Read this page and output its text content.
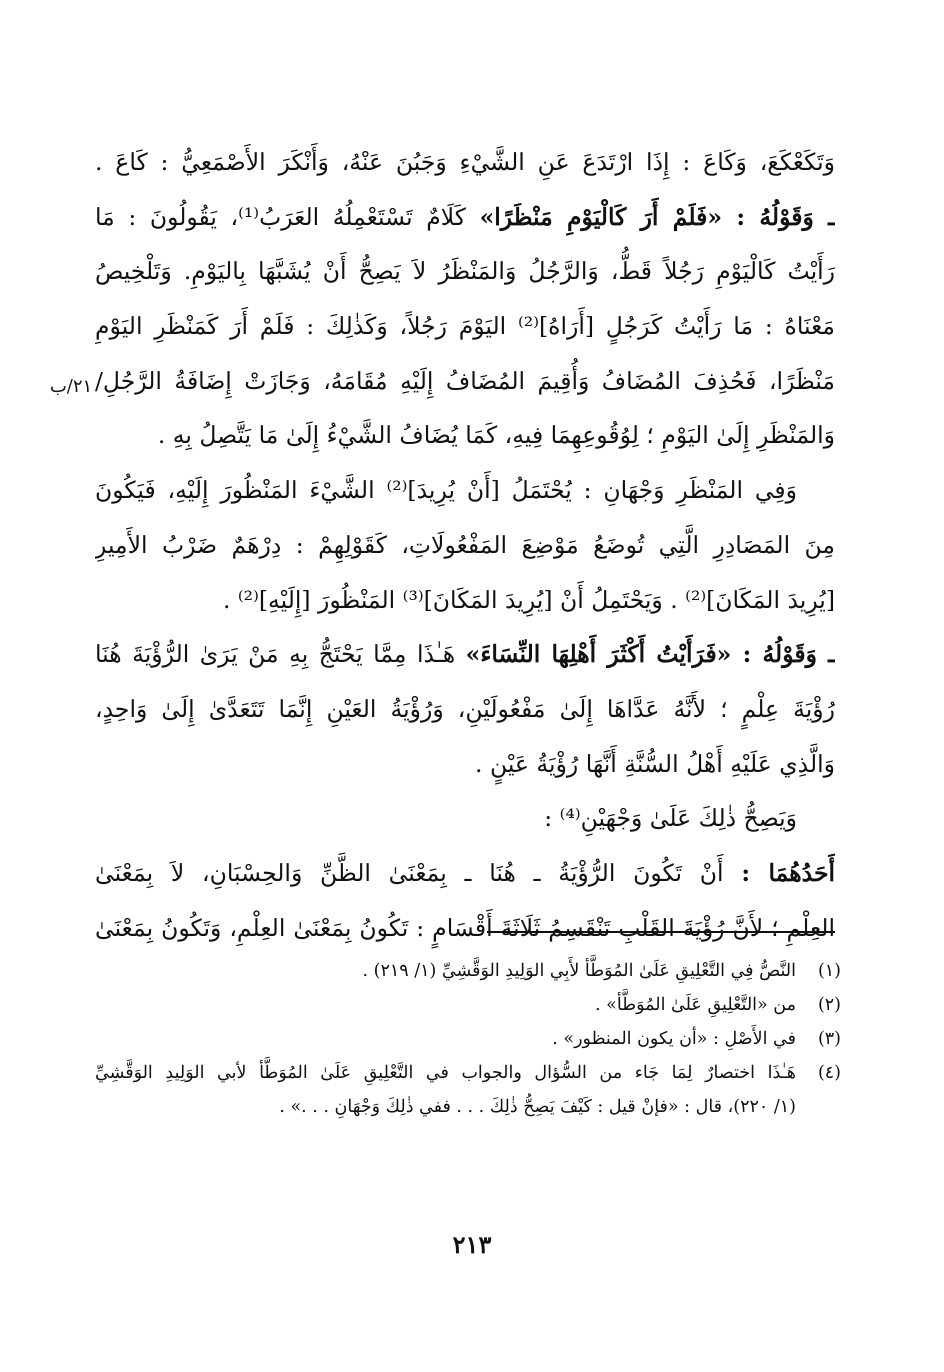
وَتَكَعْكَعَ، وَكَاعَ : إِذَا ارْتَدَعَ عَنِ الشَّيْءِ وَجَبُنَ عَنْهُ، وَأَنْكَرَ الأَصْمَعِيُّ : كَاعَ .
ـ وَقَوْلُهُ : «فَلَمْ أَرَ كَالْيَوْمِ مَنْظَرًا» كَلَامٌ تَسْتَعْمِلُهُ العَرَبُ⁽¹⁾، يَقُولُونَ : مَا
رَأَيْتُ كَالْيَوْمِ رَجُلاً قَطُّ، وَالرَّجُلُ وَالمَنْظَرُ لاَ يَصِحُّ أَنْ يُشَبَّهَا بِاليَوْمِ. وَتَلْخِيصُ
مَعْنَاهُ : مَا رَأَيْتُ كَرَجُلٍ [أَرَاهُ]⁽²⁾ اليَوْمَ رَجُلاً، وَكَذٰلِكَ : فَلَمْ أَرَ كَمَنْظَرِ اليَوْمِ
مَنْظَرًا، فَحُذِفَ المُضَافُ وَأُقِيمَ المُضَافُ إِلَيْهِ مُقَامَهُ، وَجَازَتْ إِضَافَةُ الرَّجُلِ/
وَالمَنْظَرِ إِلَىٰ اليَوْمِ ؛ لِوُقُوعِهِمَا فِيهِ، كَمَا يُضَافُ الشَّيْءُ إِلَىٰ مَا يَتَّصِلُ بِهِ .
وَفِي المَنْظَرِ وَجْهَانِ : يُحْتَمَلُ [أَنْ يُرِيدَ]⁽²⁾ الشَّيْءَ المَنْظُورَ إِلَيْهِ، فَيَكُونَ
مِنَ المَصَادِرِ الَّتِي تُوضَعُ مَوْضِعَ المَفْعُولَاتِ، كَقَوْلِهِمْ : دِرْهَمٌ ضَرْبُ الأَمِيرِ
[يُرِيدَ المَكَانَ]⁽²⁾ . وَيَحْتَمِلُ أَنْ [يُرِيدَ المَكَانَ]⁽³⁾ المَنْظُورَ [إِلَيْهِ]⁽²⁾ .
ـ وَقَوْلُهُ : «فَرَأَيْتُ أَكْثَرَ أَهْلِهَا النِّسَاءَ» هَـٰذَا مِمَّا يَحْتَجُّ بِهِ مَنْ يَرَىٰ الرُّؤْيَةَ هُنَا
رُؤْيَةَ عِلْمٍ ؛ لأَنَّهُ عَدَّاهَا إِلَىٰ مَفْعُولَيْنِ، وَرُؤْيَةُ العَيْنِ إِنَّمَا تَتَعَدَّىٰ إِلَىٰ وَاحِدٍ،
وَالَّذِي عَلَيْهِ أَهْلُ السُّنَّةِ أَنَّهَا رُؤْيَةُ عَيْنٍ .
وَيَصِحُّ ذٰلِكَ عَلَىٰ وَجْهَيْنِ⁽⁴⁾ :
أَحَدُهُمَا : أَنْ تَكُونَ الرُّؤْيَةُ ـ هُنَا ـ بِمَعْنَىٰ الظَّنِّ وَالحِسْبَانِ، لاَ بِمَعْنَىٰ
العِلْمِ ؛ لأَنَّ رُؤْيَةَ القَلْبِ تَنْقَسِمُ ثَلَاثَةَ أَقْسَامٍ : تَكُونُ بِمَعْنَىٰ العِلْمِ، وَتَكُونُ بِمَعْنَىٰ
٢١/ب
(١)
النَّصُّ فِي التَّعْلِيقِ عَلَىٰ المُوَطَّأ لأَبِي الوَلِيدِ الوَقَّشِيِّ (١/ ٢١٩) .
(٢)
من «التَّعْلِيقِ عَلَىٰ المُوَطَّأ» .
(٣)
في الأَصْلِ : «أن يكون المنظور» .
(٤)
هَـٰذَا اختصارٌ لِمَا جَاء من السُّؤال والجواب في التَّعْلِيقِ عَلَىٰ المُوَطَّأ لأبي الوَلِيدِ الوَقَّشِيِّ
(١/ ٢٢٠)، قال : «فإنْ قيل : كَيْفَ يَصِحُّ ذٰلِكَ . . . ففي ذٰلِكَ وَجْهَانِ . . .» .
٢١٣
